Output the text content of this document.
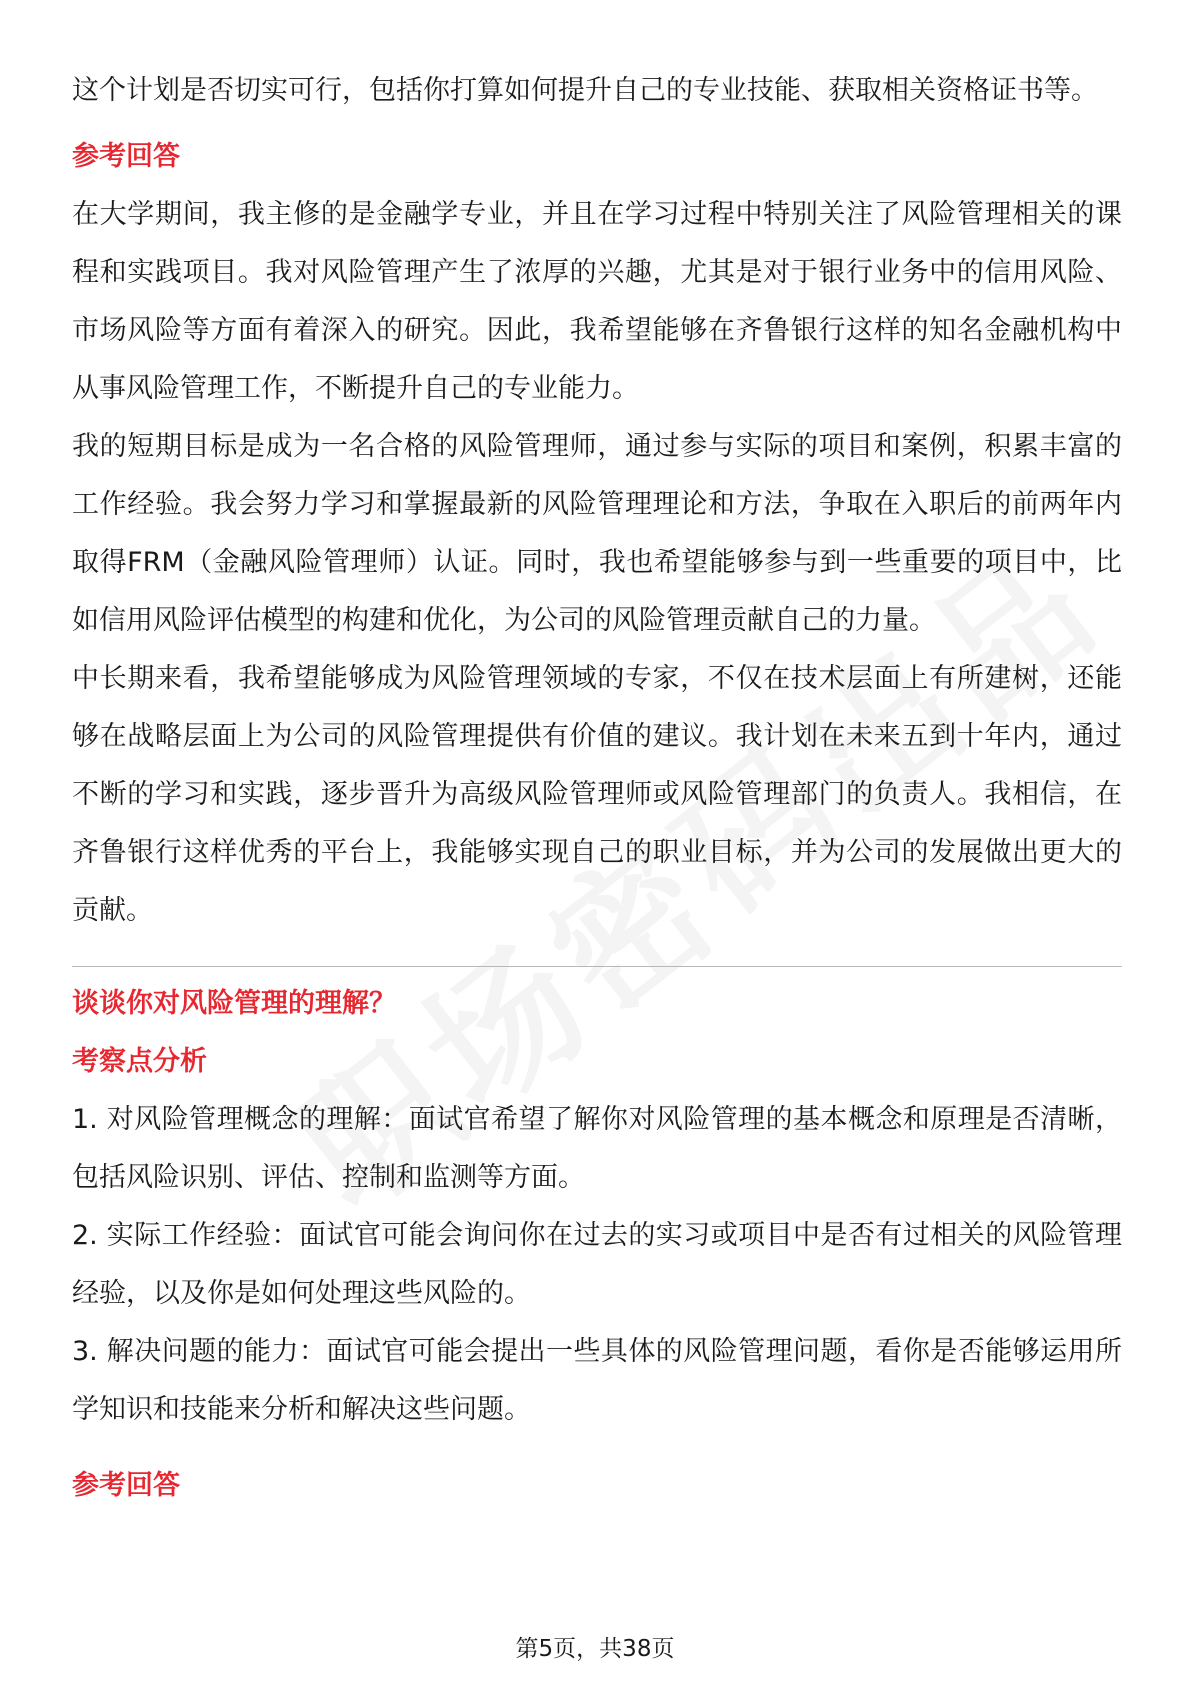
这个计划是否切实可行，包括你打算如何提升自己的专业技能、获取相关资格证书等。

参考回答

在大学期间，我主修的是金融学专业，并且在学习过程中特别关注了风险管理相关的课程和实践项目。我对风险管理产生了浓厚的兴趣，尤其是对于银行业务中的信用风险、市场风险等方面有着深入的研究。因此，我希望能够在齐鲁银行这样的知名金融机构中从事风险管理工作，不断提升自己的专业能力。

我的短期目标是成为一名合格的风险管理师，通过参与实际的项目和案例，积累丰富的工作经验。我会努力学习和掌握最新的风险管理理论和方法，争取在入职后的前两年内取得FRM（金融风险管理师）认证。同时，我也希望能够参与到一些重要的项目中，比如信用风险评估模型的构建和优化，为公司的风险管理贡献自己的力量。

中长期来看，我希望能够成为风险管理领域的专家，不仅在技术层面上有所建树，还能够在战略层面上为公司的风险管理提供有价值的建议。我计划在未来五到十年内，通过不断的学习和实践，逐步晋升为高级风险管理师或风险管理部门的负责人。我相信，在齐鲁银行这样优秀的平台上，我能够实现自己的职业目标，并为公司的发展做出更大的贡献。

谈谈你对风险管理的理解？
考察点分析

1. 对风险管理概念的理解：面试官希望了解你对风险管理的基本概念和原理是否清晰，包括风险识别、评估、控制和监测等方面。

2. 实际工作经验：面试官可能会询问你在过去的实习或项目中是否有过相关的风险管理经验，以及你是如何处理这些风险的。

3. 解决问题的能力：面试官可能会提出一些具体的风险管理问题，看你是否能够运用所学知识和技能来分析和解决这些问题。

参考回答
第5页，共38页
